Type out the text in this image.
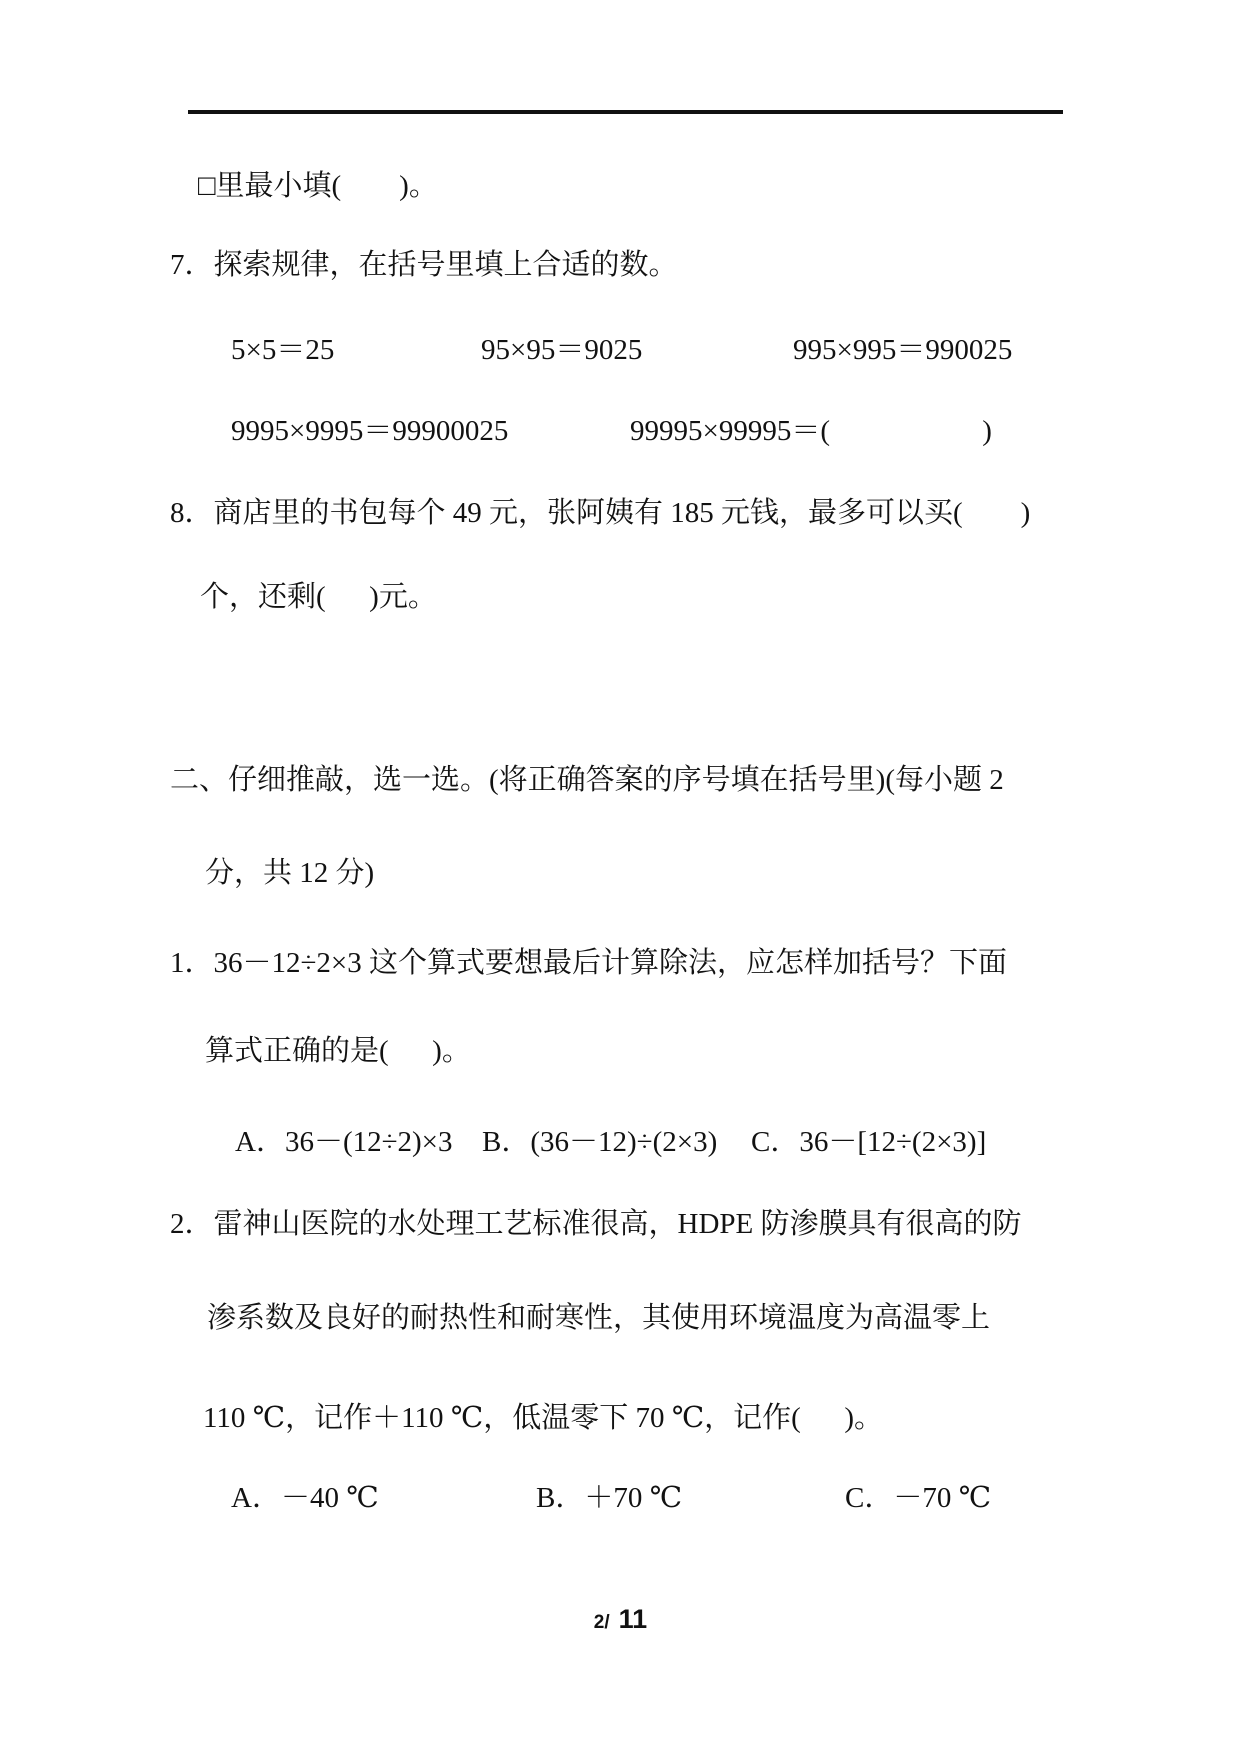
□里最小填(        )。
7．探索规律，在括号里填上合适的数。
5×5＝25	95×95＝9025	995×995＝990025
9995×9995＝99900025	99995×99995＝(                     )
8．商店里的书包每个 49 元，张阿姨有 185 元钱，最多可以买(        )
个，还剩(      )元。
二、仔细推敲，选一选。(将正确答案的序号填在括号里)(每小题 2
分，共 12 分)
1．36－12÷2×3 这个算式要想最后计算除法，应怎样加括号？下面
算式正确的是(      )。
A．36－(12÷2)×3 B．(36－12)÷(2×3) C．36－[12÷(2×3)]
2．雷神山医院的水处理工艺标准很高，HDPE 防渗膜具有很高的防
渗系数及良好的耐热性和耐寒性，其使用环境温度为高温零上
110 ℃，记作＋110 ℃，低温零下 70 ℃，记作(      )。
A．－40 ℃	B．＋70 ℃	C．－70 ℃
2/ 11
